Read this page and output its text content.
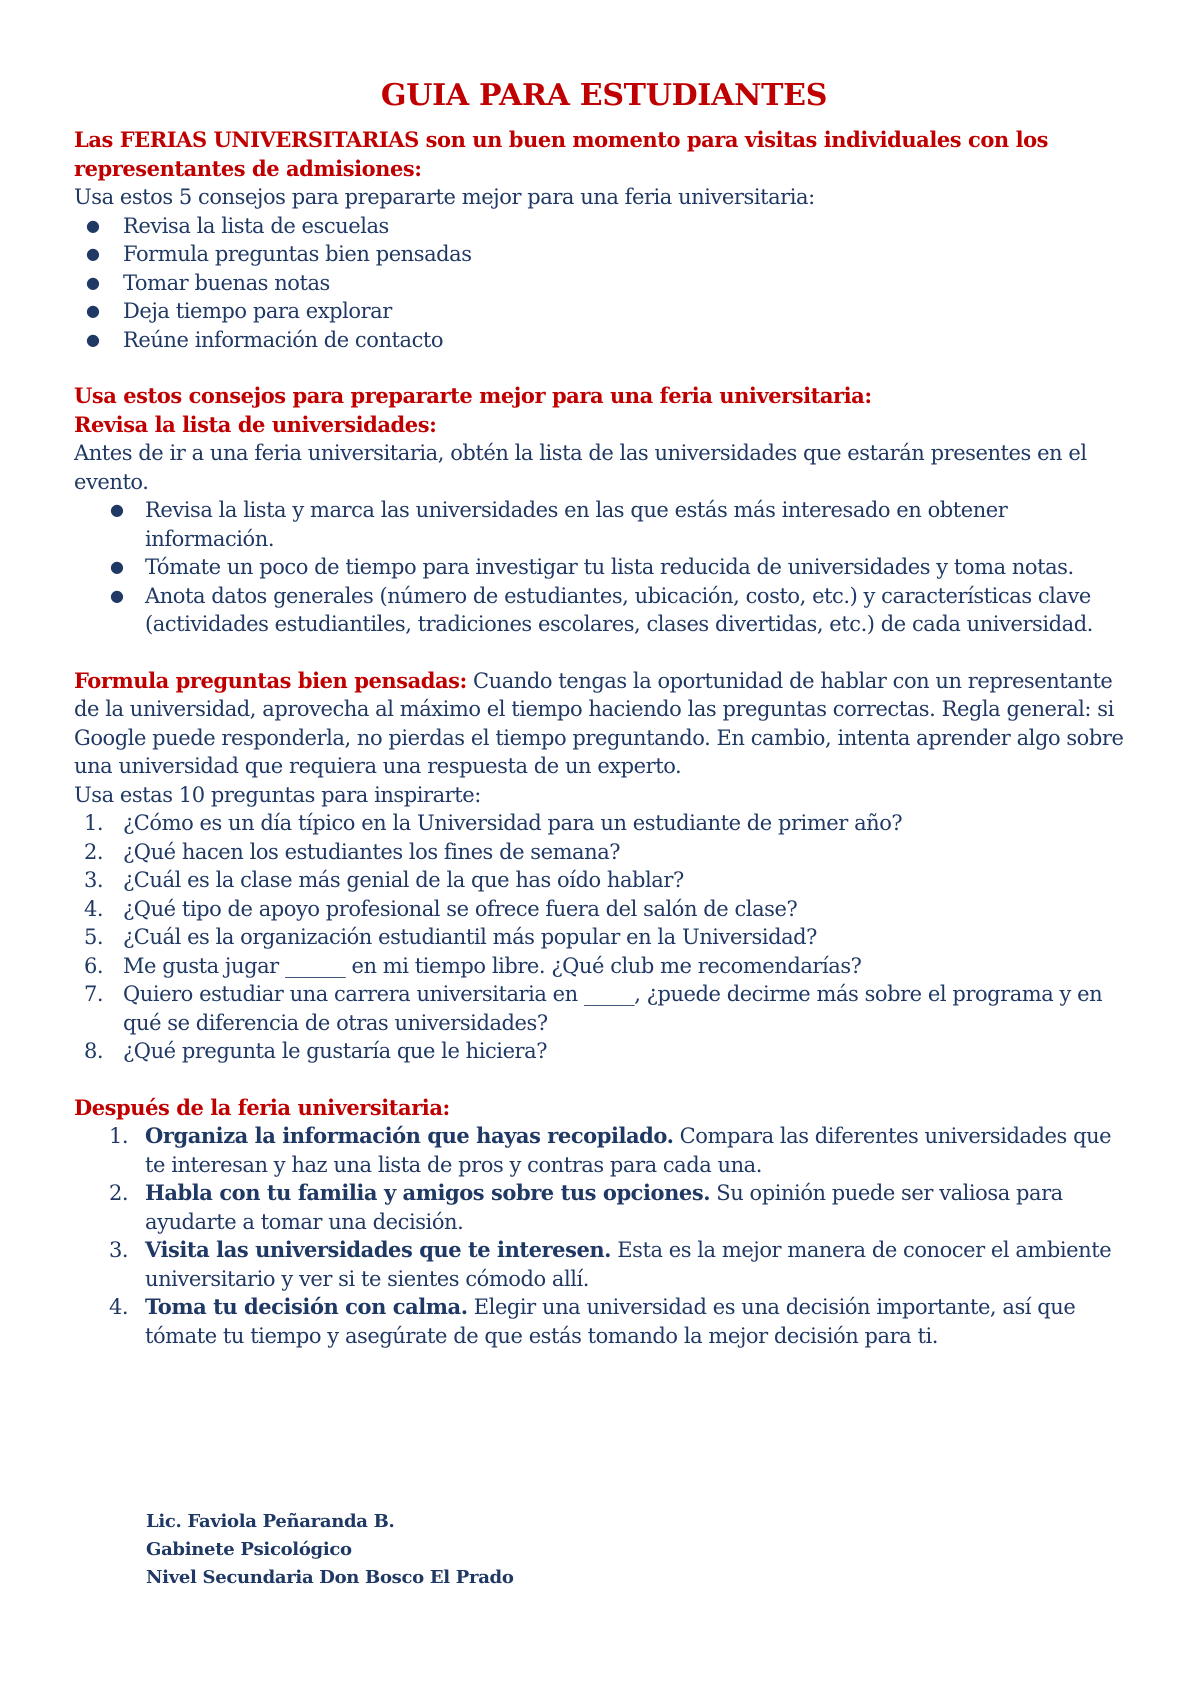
GUIA PARA ESTUDIANTES

Las FERIAS UNIVERSITARIAS son un buen momento para visitas individuales con los representantes de admisiones:

Usa estos 5 consejos para prepararte mejor para una feria universitaria:

● Revisa la lista de escuelas
● Formula preguntas bien pensadas
● Tomar buenas notas
● Deja tiempo para explorar
● Reúne información de contacto

Usa estos consejos para prepararte mejor para una feria universitaria:

Revisa la lista de universidades:

Antes de ir a una feria universitaria, obtén la lista de las universidades que estarán presentes en el evento.

● Revisa la lista y marca las universidades en las que estás más interesado en obtener información.
● Tómate un poco de tiempo para investigar tu lista reducida de universidades y toma notas.
● Anota datos generales (número de estudiantes, ubicación, costo, etc.) y características clave (actividades estudiantiles, tradiciones escolares, clases divertidas, etc.) de cada universidad.

Formula preguntas bien pensadas: Cuando tengas la oportunidad de hablar con un representante de la universidad, aprovecha al máximo el tiempo haciendo las preguntas correctas. Regla general: si Google puede responderla, no pierdas el tiempo preguntando. En cambio, intenta aprender algo sobre una universidad que requiera una respuesta de un experto.

Usa estas 10 preguntas para inspirarte:

1. ¿Cómo es un día típico en la Universidad para un estudiante de primer año?
2. ¿Qué hacen los estudiantes los fines de semana?
3. ¿Cuál es la clase más genial de la que has oído hablar?
4. ¿Qué tipo de apoyo profesional se ofrece fuera del salón de clase?
5. ¿Cuál es la organización estudiantil más popular en la Universidad?
6. Me gusta jugar ______ en mi tiempo libre. ¿Qué club me recomendarías?
7. Quiero estudiar una carrera universitaria en _____, ¿puede decirme más sobre el programa y en qué se diferencia de otras universidades?
8. ¿Qué pregunta le gustaría que le hiciera?

Después de la feria universitaria:

1. Organiza la información que hayas recopilado. Compara las diferentes universidades que te interesan y haz una lista de pros y contras para cada una.
2. Habla con tu familia y amigos sobre tus opciones. Su opinión puede ser valiosa para ayudarte a tomar una decisión.
3. Visita las universidades que te interesen. Esta es la mejor manera de conocer el ambiente universitario y ver si te sientes cómodo allí.
4. Toma tu decisión con calma. Elegir una universidad es una decisión importante, así que tómate tu tiempo y asegúrate de que estás tomando la mejor decisión para ti.
Lic. Faviola Peñaranda B.
Gabinete Psicológico
Nivel Secundaria Don Bosco El Prado
